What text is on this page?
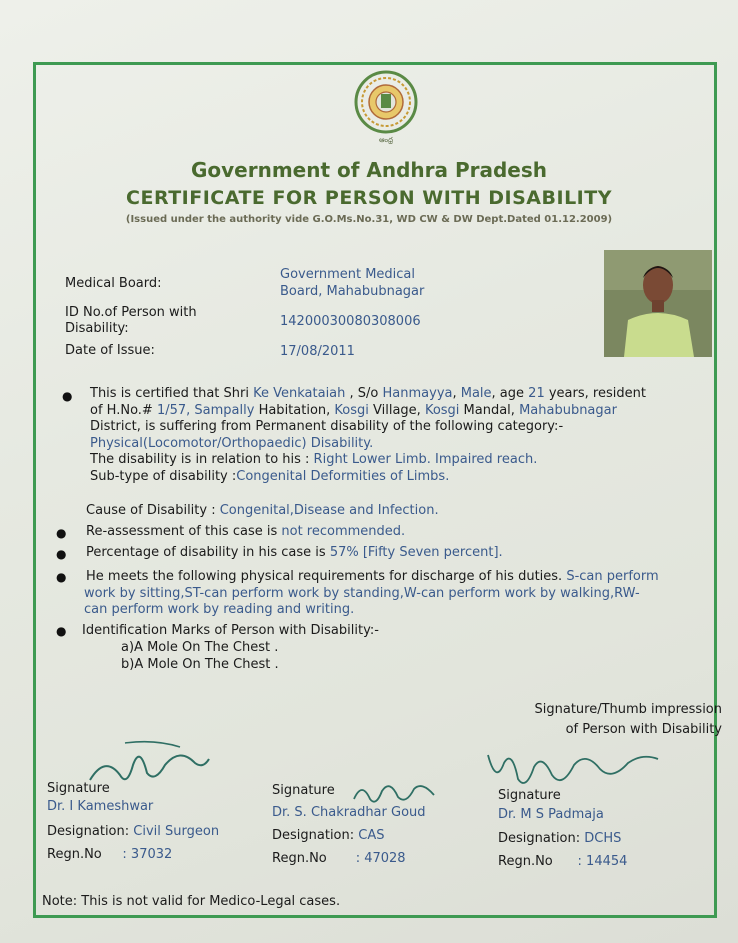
ఆంధ్ర
Government of Andhra Pradesh
CERTIFICATE FOR PERSON WITH DISABILITY
(Issued under the authority vide G.O.Ms.No.31, WD CW & DW Dept.Dated 01.12.2009)
Medical Board:
Government Medical
Board, Mahabubnagar
ID No.of Person with
Disability:	14200030080308006
Date of Issue:	17/08/2011
● This is certified that Shri Ke Venkataiah , S/o Hanmayya, Male, age 21 years, resident
of H.No.# 1/57, Sampally Habitation, Kosgi Village, Kosgi Mandal, Mahabubnagar
District, is suffering from Permanent disability of the following category:-
Physical(Locomotor/Orthopaedic) Disability.
The disability is in relation to his : Right Lower Limb. Impaired reach.
Sub-type of disability :Congenital Deformities of Limbs.
Cause of Disability : Congenital,Disease and Infection.
● Re-assessment of this case is not recommended.
● Percentage of disability in his case is 57% [Fifty Seven percent].
● He meets the following physical requirements for discharge of his duties. S-can perform
work by sitting,ST-can perform work by standing,W-can perform work by walking,RW-
can perform work by reading and writing.
● Identification Marks of Person with Disability:-
a)A Mole On The Chest .
b)A Mole On The Chest .
Signature/Thumb impression
of Person with Disability
Signature
Dr. I Kameshwar
Designation: Civil Surgeon
Regn.No : 37032
Signature
Dr. S. Chakradhar Goud
Designation: CAS
Regn.No : 47028
Signature
Dr. M S Padmaja
Designation: DCHS
Regn.No : 14454
Note: This is not valid for Medico-Legal cases.
